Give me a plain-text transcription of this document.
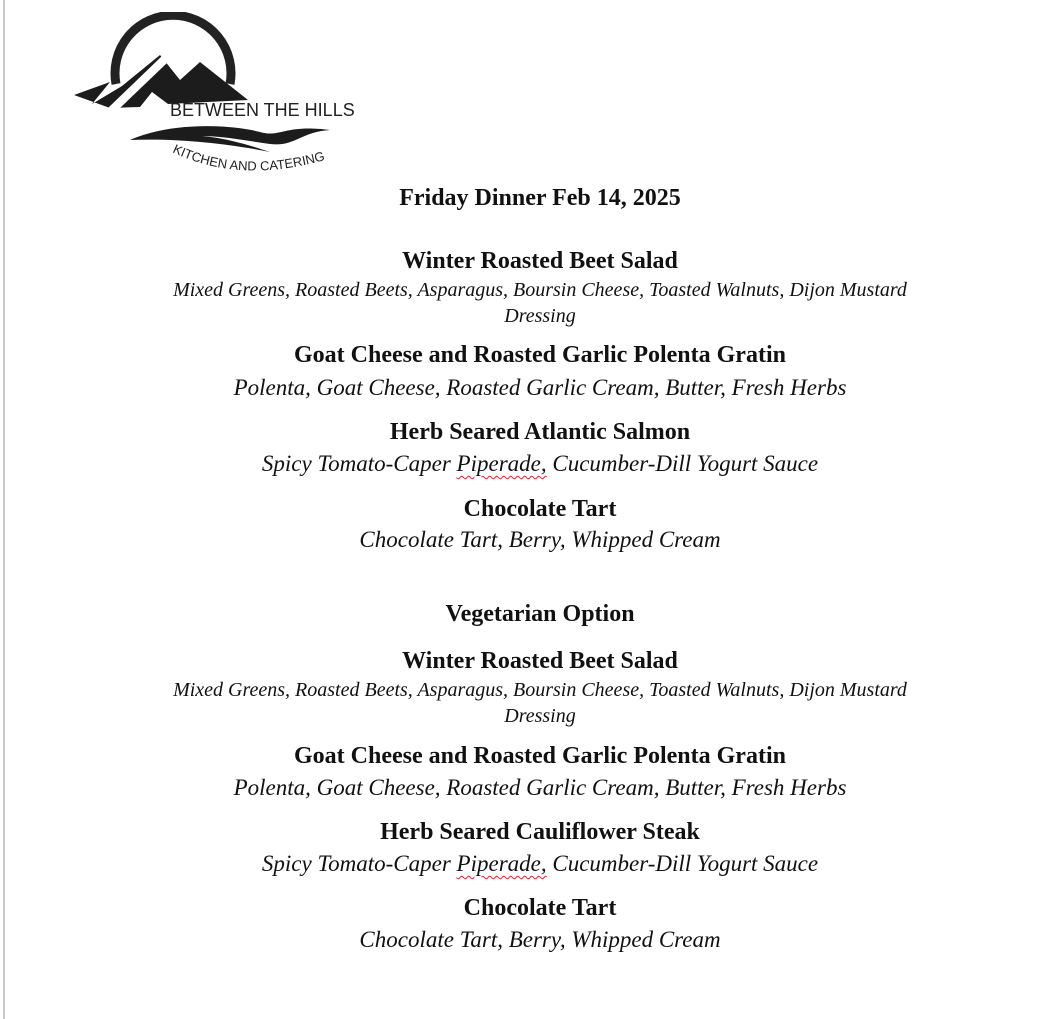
BETWEEN THE HILLS
KITCHEN AND CATERING
Friday Dinner Feb 14, 2025
Winter Roasted Beet Salad
Mixed Greens, Roasted Beets, Asparagus, Boursin Cheese, Toasted Walnuts, Dijon Mustard Dressing
Goat Cheese and Roasted Garlic Polenta Gratin
Polenta, Goat Cheese, Roasted Garlic Cream, Butter, Fresh Herbs
Herb Seared Atlantic Salmon
Spicy Tomato-Caper Piperade, Cucumber-Dill Yogurt Sauce
Chocolate Tart
Chocolate Tart, Berry, Whipped Cream
Vegetarian Option
Winter Roasted Beet Salad
Mixed Greens, Roasted Beets, Asparagus, Boursin Cheese, Toasted Walnuts, Dijon Mustard Dressing
Goat Cheese and Roasted Garlic Polenta Gratin
Polenta, Goat Cheese, Roasted Garlic Cream, Butter, Fresh Herbs
Herb Seared Cauliflower Steak
Spicy Tomato-Caper Piperade, Cucumber-Dill Yogurt Sauce
Chocolate Tart
Chocolate Tart, Berry, Whipped Cream
